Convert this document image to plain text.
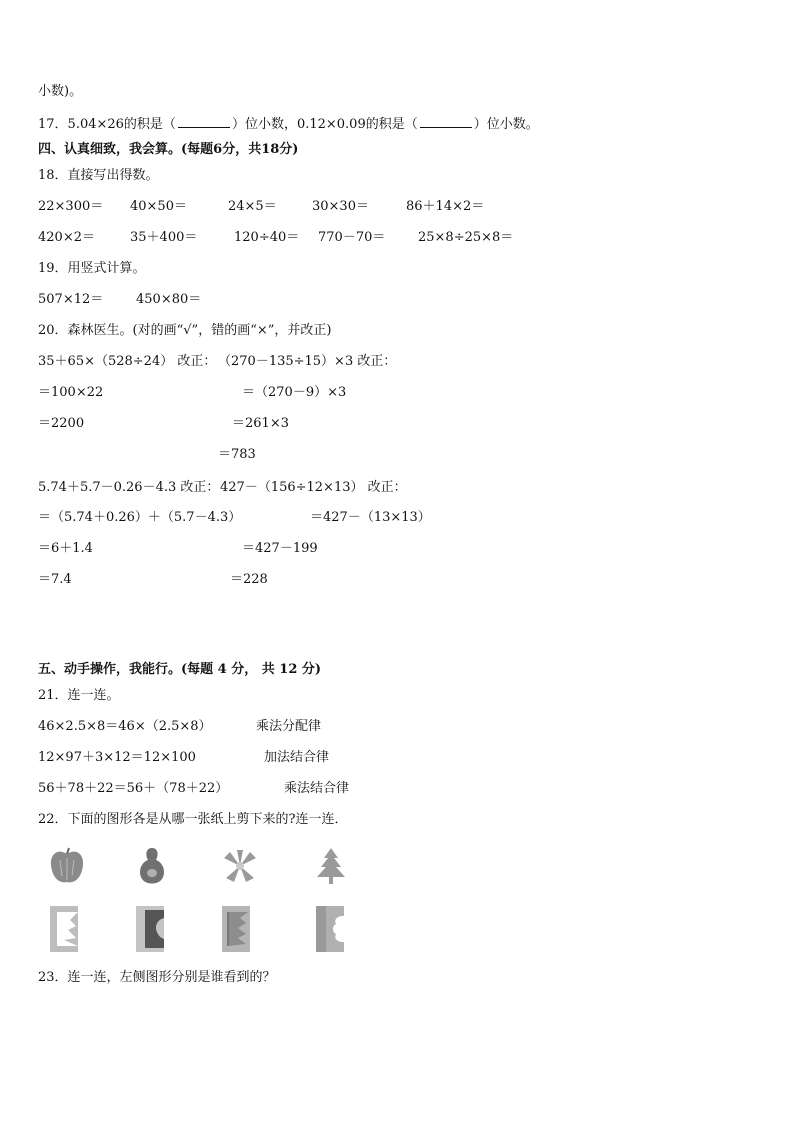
小数)。
17．5.04×26的积是（	）位小数，0.12×0.09的积是（	）位小数。
四、认真细致，我会算。(每题6分，共18分)
18．直接写出得数。
22×300＝ 40×50＝	24×5＝	30×30＝	86＋14×2＝
420×2＝	35＋400＝	120÷40＝ 770－70＝	25×8÷25×8＝
19．用竖式计算。
507×12＝	450×80＝
20．森林医生。(对的画“√”，错的画“×”，并改正)
35＋65×（528÷24） 改正： （270－135÷15）×3 改正：
＝100×22	＝（270－9）×3
＝2200	＝261×3
＝783
5.74＋5.7－0.26－4.3 改正： 427－（156÷12×13） 改正：
＝（5.74＋0.26）＋（5.7－4.3）	＝427－（13×13）
＝6＋1.4	＝427－199
＝7.4	＝228
五、动手操作，我能行。(每题 4 分， 共 12 分)
21．连一连。
46×2.5×8＝46×（2.5×8）	乘法分配律
12×97＋3×12＝12×100	加法结合律
56＋78＋22＝56＋（78＋22）	乘法结合律
22．下面的图形各是从哪一张纸上剪下来的?连一连．
23．连一连，左侧图形分别是谁看到的？
